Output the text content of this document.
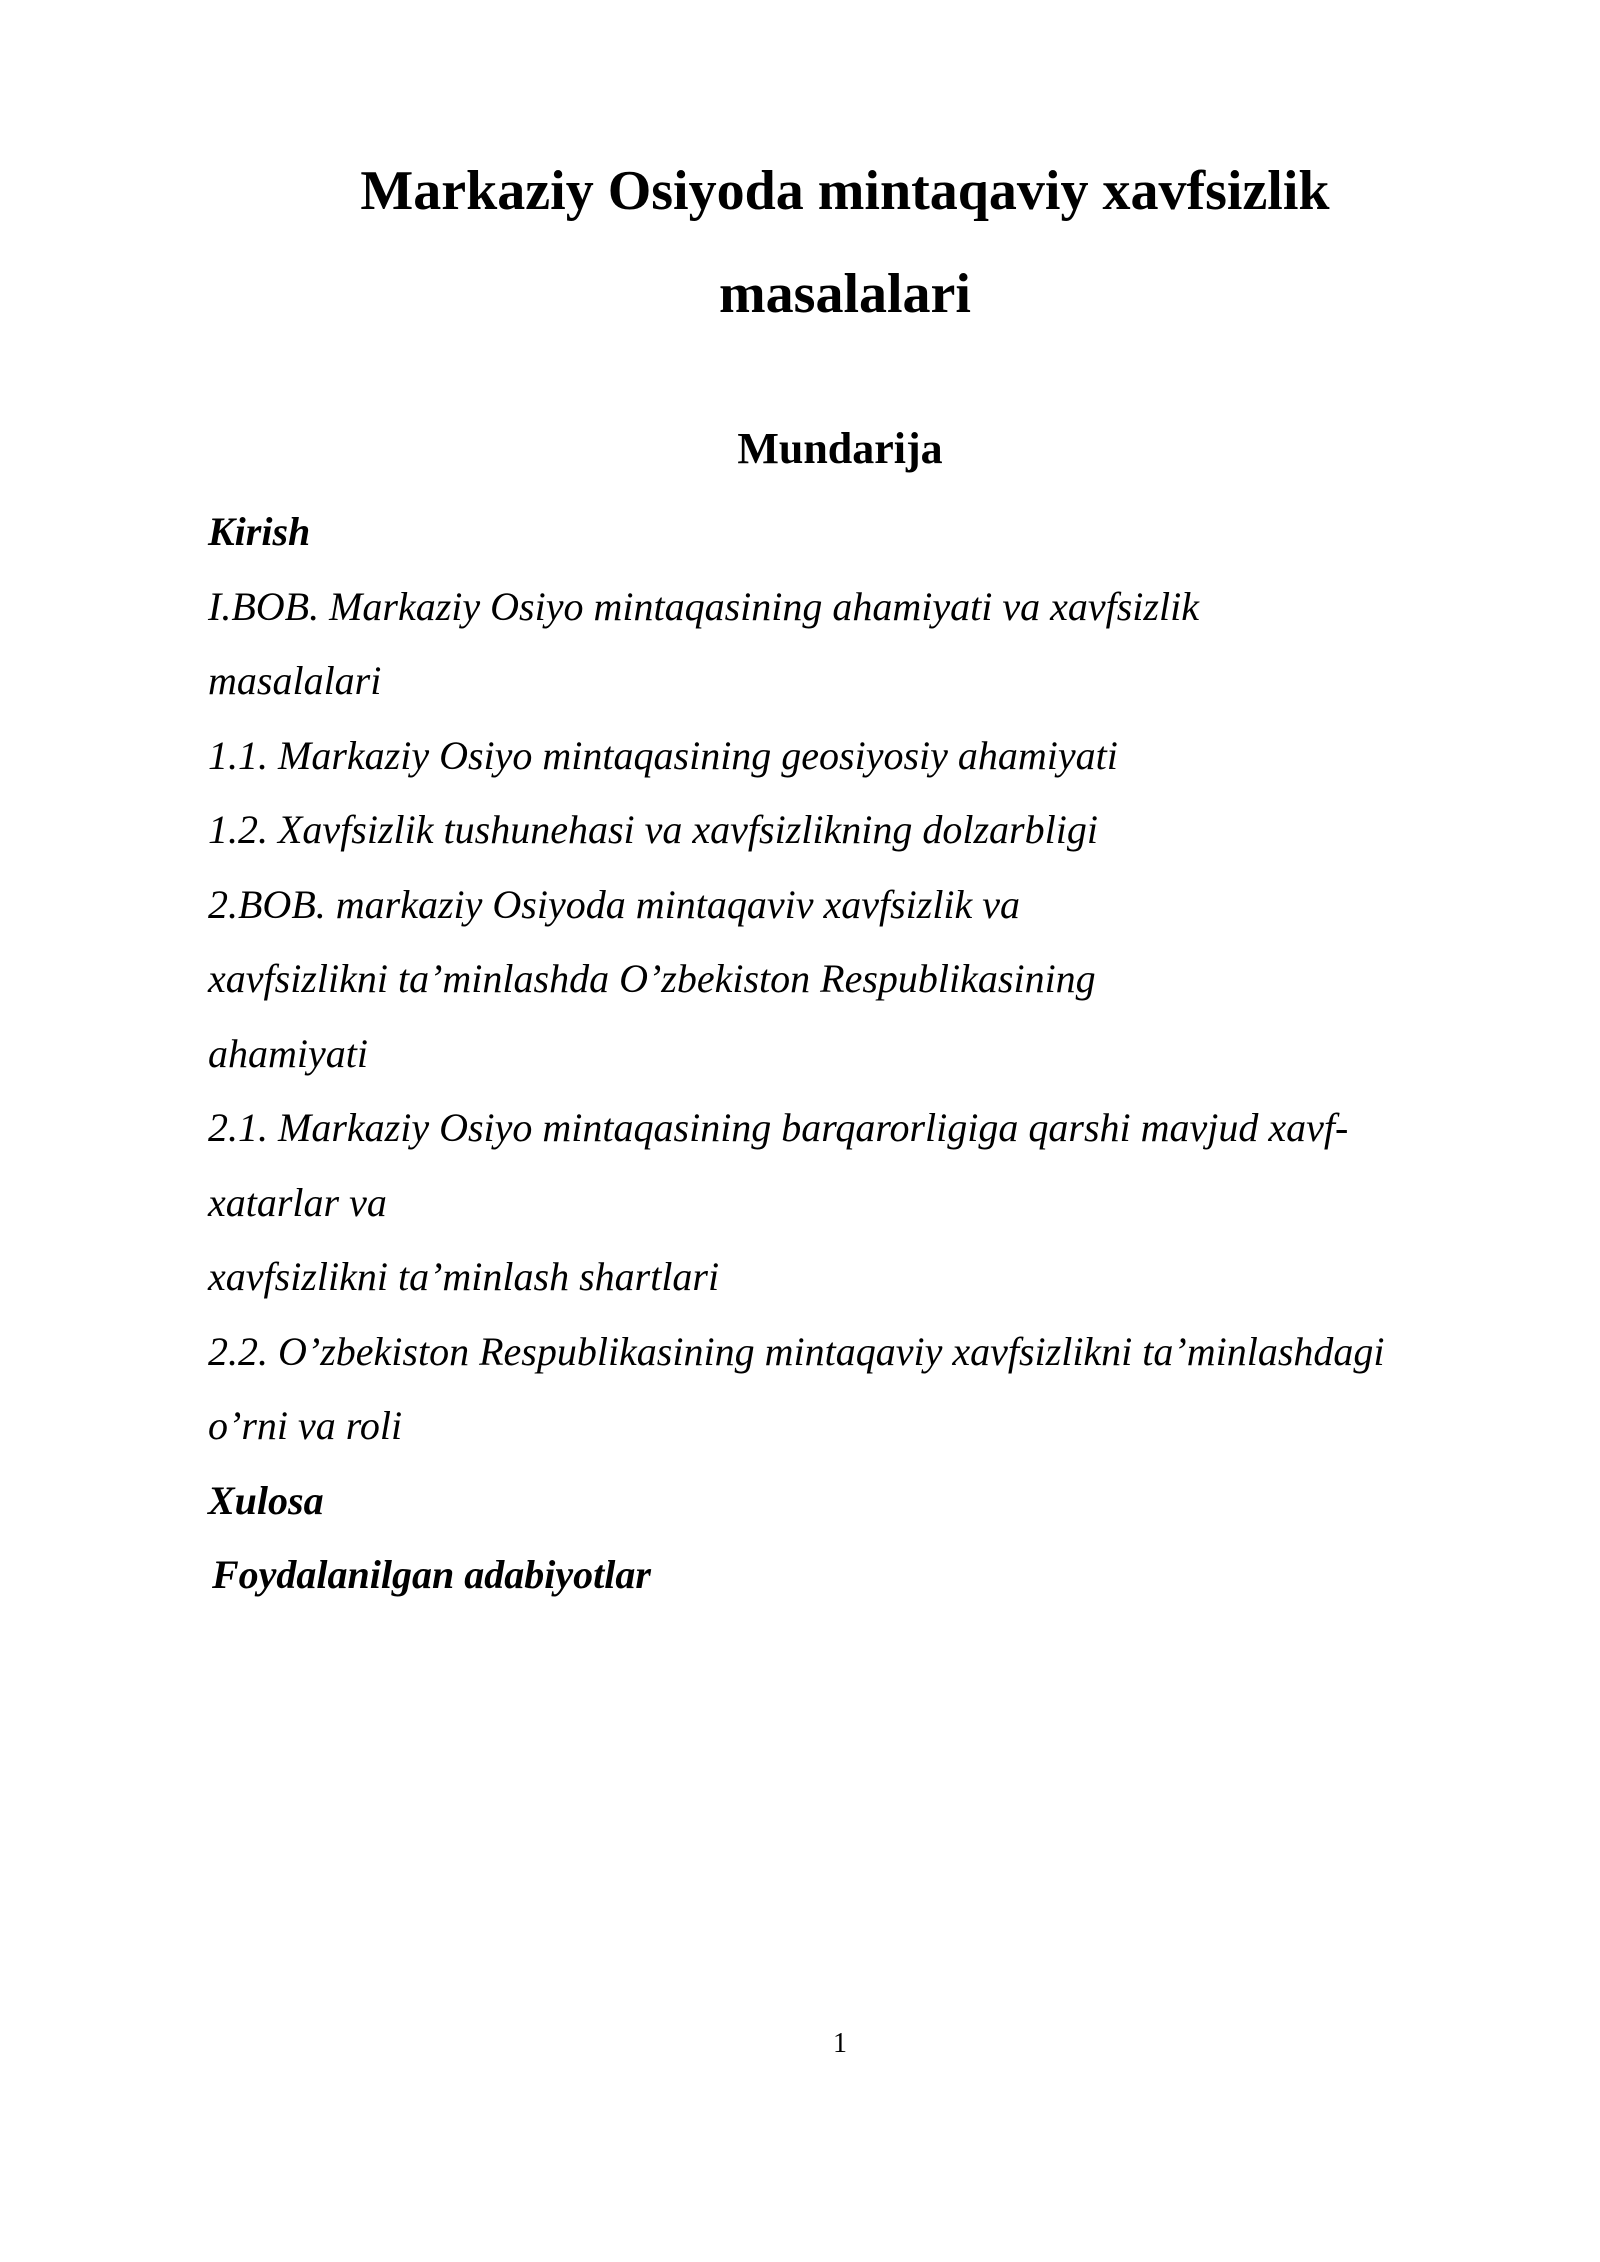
Markaziy Osiyoda mintaqaviy xavfsizlik
masalalari
Mundarija
Kirish
I.BOB. Markaziy Osiyo mintaqasining ahamiyati va xavfsizlik
masalalari
1.1. Markaziy Osiyo mintaqasining geosiyosiy ahamiyati
1.2. Xavfsizlik tushunehasi va xavfsizlikning dolzarbligi
2.BOB. markaziy Osiyoda mintaqaviv xavfsizlik va
xavfsizlikni ta’minlashda O’zbekiston Respublikasining
ahamiyati
2.1. Markaziy Osiyo mintaqasining barqarorligiga qarshi mavjud xavf-
xatarlar va
xavfsizlikni ta’minlash shartlari
2.2. O’zbekiston Respublikasining mintaqaviy xavfsizlikni ta’minlashdagi
o’rni va roli
Xulosa
Foydalanilgan adabiyotlar
1
